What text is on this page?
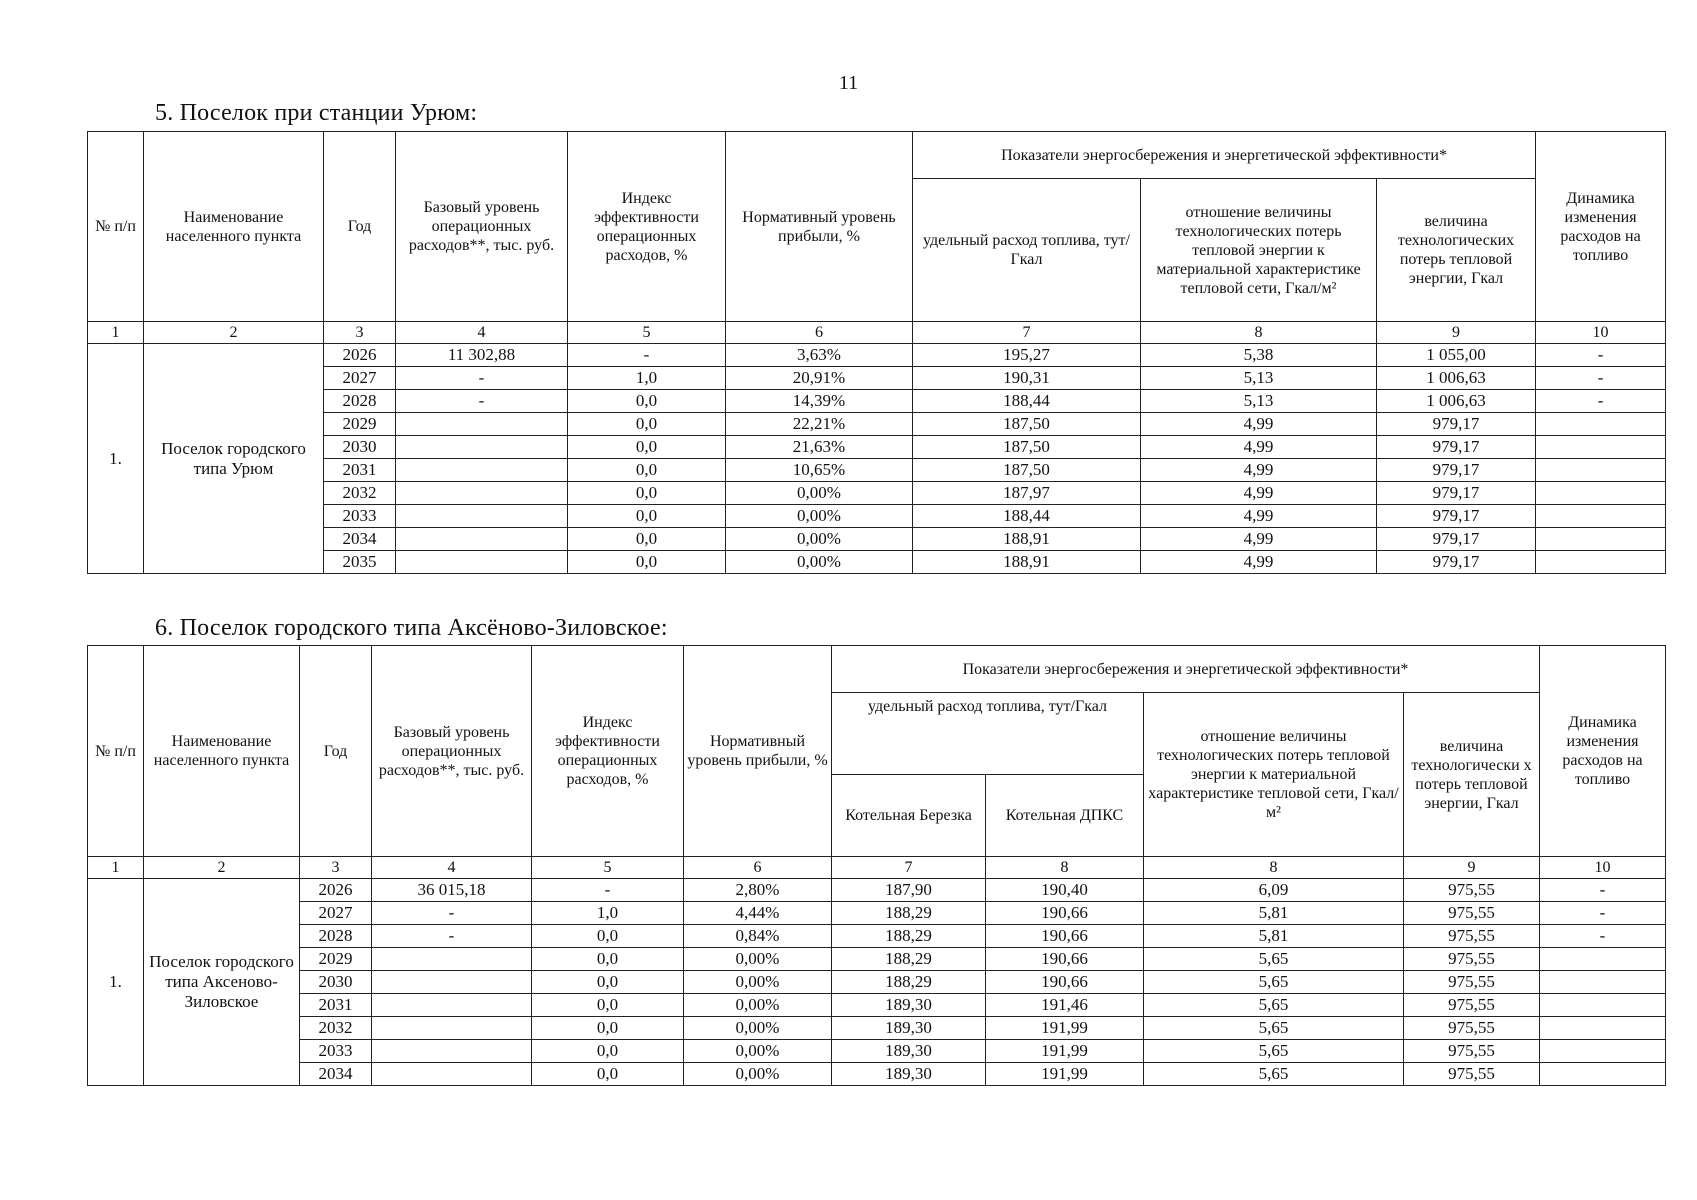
11
5. Поселок при станции Урюм:
№ п/п	Наименование населенного пункта	Год	Базовый уровень операционных расходов**, тыс. руб.	Индекс эффективности операционных расходов, %	Нормативный уровень прибыли, %	Показатели энергосбережения и энергетической эффективности*			Динамика изменения расходов на топливо
						удельный расход топлива, тут/Гкал	отношение величины технологических потерь тепловой энергии к материальной характеристике тепловой сети, Гкал/м²	величина технологических потерь тепловой энергии, Гкал	
1	2	3	4	5	6	7	8	9	10
1.	Поселок городского типа Урюм	2026	11 302,88	-	3,63%	195,27	5,38	1 055,00	-
		2027	-	1,0	20,91%	190,31	5,13	1 006,63	-
		2028	-	0,0	14,39%	188,44	5,13	1 006,63	-
		2029		0,0	22,21%	187,50	4,99	979,17	
		2030		0,0	21,63%	187,50	4,99	979,17	
		2031		0,0	10,65%	187,50	4,99	979,17	
		2032		0,0	0,00%	187,97	4,99	979,17	
		2033		0,0	0,00%	188,44	4,99	979,17	
		2034		0,0	0,00%	188,91	4,99	979,17	
		2035		0,0	0,00%	188,91	4,99	979,17	
6. Поселок городского типа Аксёново-Зиловское:
№ п/п	Наименование населенного пункта	Год	Базовый уровень операционных расходов**, тыс. руб.	Индекс эффективности операционных расходов, %	Нормативный уровень прибыли, %	Показатели энергосбережения и энергетической эффективности*				Динамика изменения расходов на топливо
						удельный расход топлива, тут/Гкал		отношение величины технологических потерь тепловой энергии к материальной характеристике тепловой сети, Гкал/м²	величина технологически х потерь тепловой энергии, Гкал	
						Котельная Березка	Котельная ДПКС			
1	2	3	4	5	6	7	8	8	9	10
1.	Поселок городского типа Аксеново-Зиловское	2026	36 015,18	-	2,80%	187,90	190,40	6,09	975,55	-
		2027	-	1,0	4,44%	188,29	190,66	5,81	975,55	-
		2028	-	0,0	0,84%	188,29	190,66	5,81	975,55	-
		2029		0,0	0,00%	188,29	190,66	5,65	975,55	
		2030		0,0	0,00%	188,29	190,66	5,65	975,55	
		2031		0,0	0,00%	189,30	191,46	5,65	975,55	
		2032		0,0	0,00%	189,30	191,99	5,65	975,55	
		2033		0,0	0,00%	189,30	191,99	5,65	975,55	
		2034		0,0	0,00%	189,30	191,99	5,65	975,55	
